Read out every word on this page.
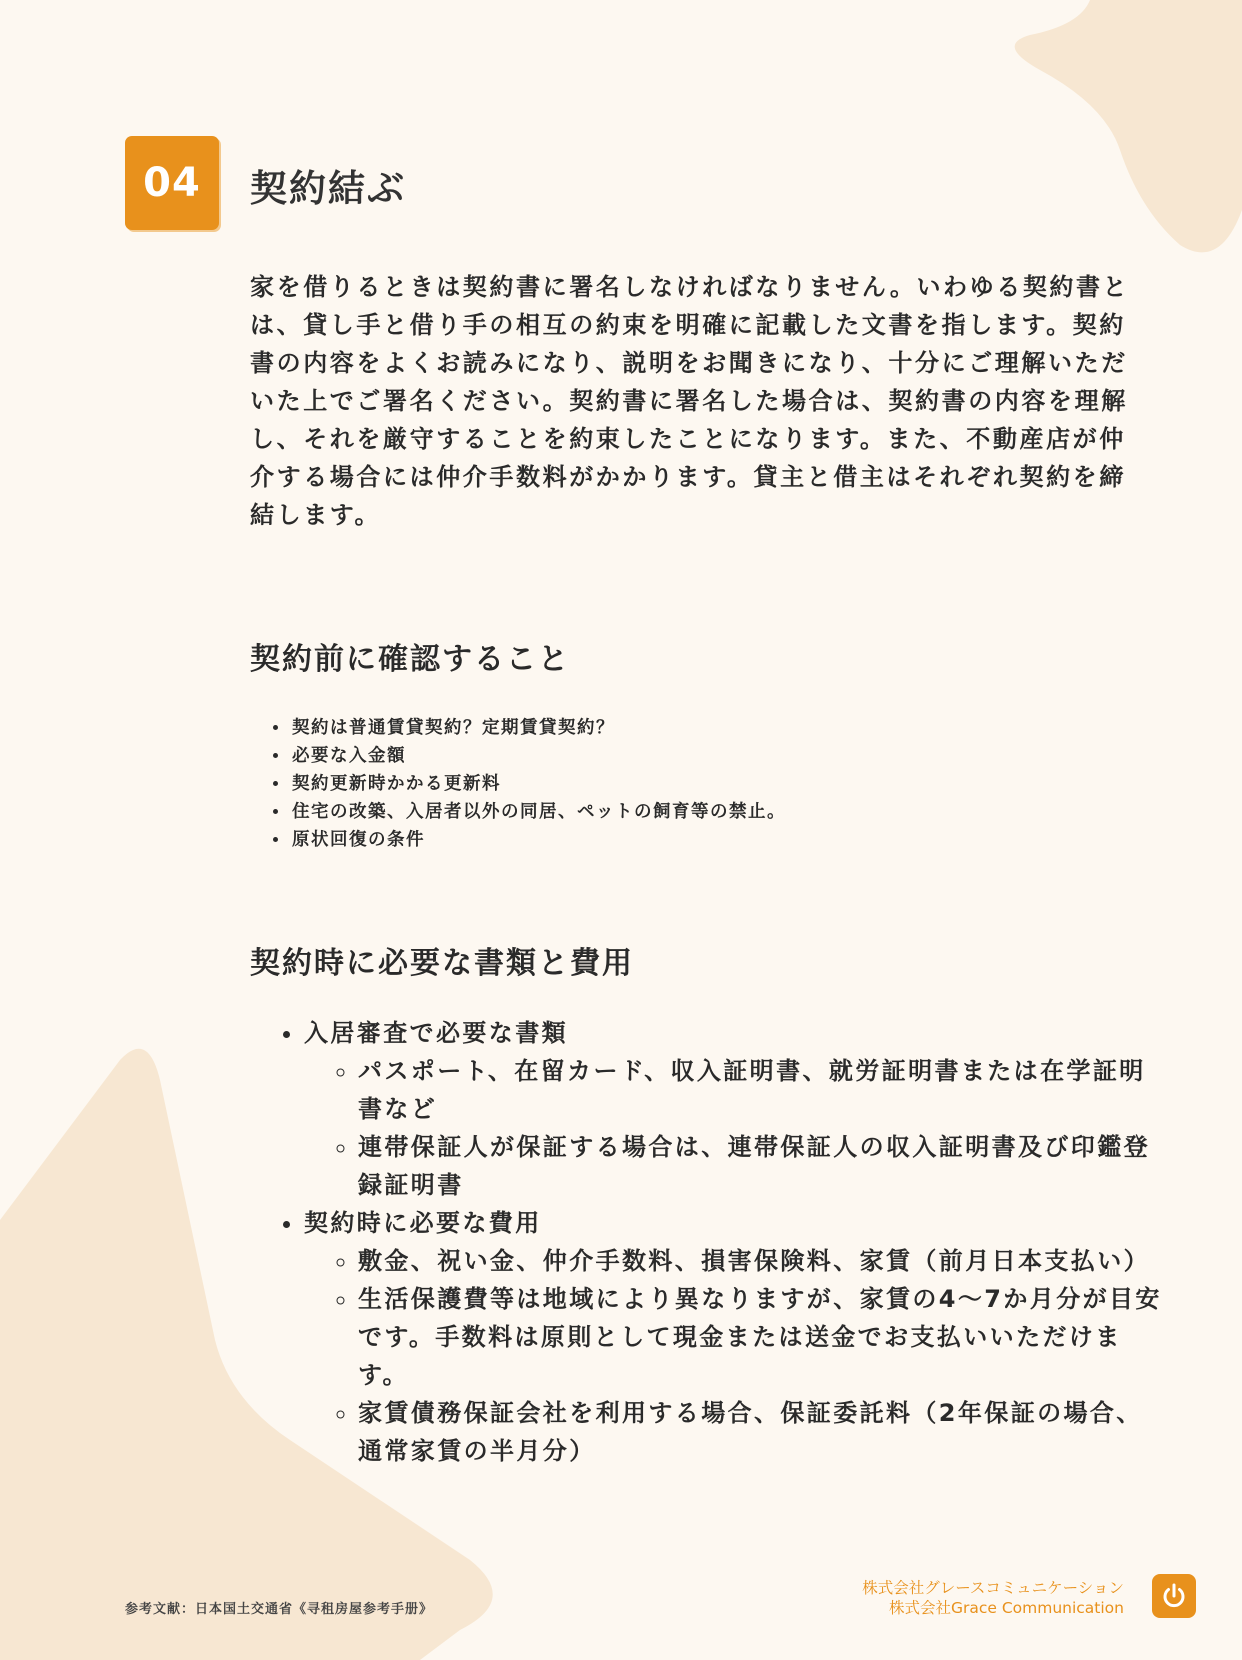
04 契約結ぶ
家を借りるときは契約書に署名しなければなりません。いわゆる契約書とは、貸し手と借り手の相互の約束を明確に記載した文書を指します。契約書の内容をよくお読みになり、説明をお聞きになり、十分にご理解いただいた上でご署名ください。契約書に署名した場合は、契約書の内容を理解し、それを厳守することを約束したことになります。また、不動産店が仲介する場合には仲介手数料がかかります。貸主と借主はそれぞれ契約を締結します。
契約前に確認すること
• 契約は普通賃貸契約？定期賃貸契約？
• 必要な入金額
• 契約更新時かかる更新料
• 住宅の改築、入居者以外の同居、ペットの飼育等の禁止。
• 原状回復の条件
契約時に必要な書類と費用
• 入居審査で必要な書類
◦ パスポート、在留カード、収入証明書、就労証明書または在学証明書など
◦ 連帯保証人が保証する場合は、連帯保証人の収入証明書及び印鑑登録証明書
• 契約時に必要な費用
◦ 敷金、祝い金、仲介手数料、損害保険料、家賃（前月日本支払い）
◦ 生活保護費等は地域により異なりますが、家賃の4〜7か月分が目安です。手数料は原則として現金または送金でお支払いいただけます。
◦ 家賃債務保証会社を利用する場合、保証委託料（2年保証の場合、通常家賃の半月分）
参考文献：日本国土交通省《寻租房屋参考手册》
株式会社グレースコミュニケーション
株式会社Grace Communication
